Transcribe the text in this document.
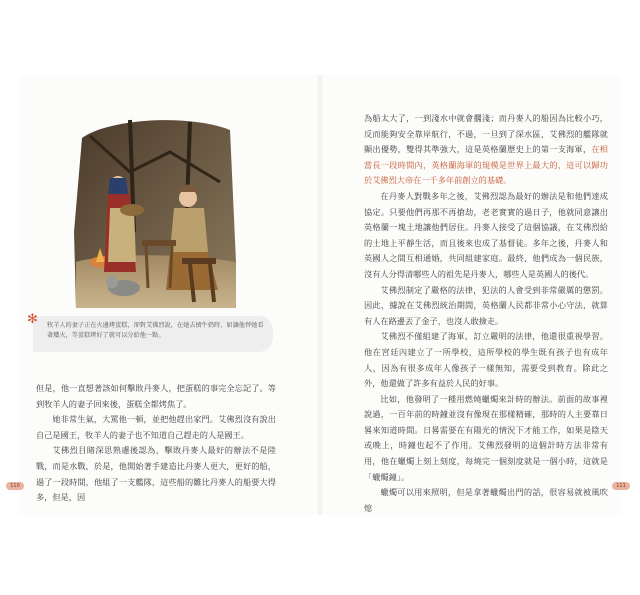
✻	牧羊人的妻子正在火邊烤蛋糕，卻對艾佛烈說，在她去擠牛奶時，如讓他替她看著爐火，等蛋糕烤好了就可以分給他一點。

但是，他一直想著該如何擊敗丹麥人，把蛋糕的事完全忘記了。等到牧羊人的妻子回來後，蛋糕全都烤焦了。

她非常生氣，大罵他一頓，並把他趕出家門。艾佛烈沒有說出自己是國王，牧羊人的妻子也不知道自己趕走的人是國王。

艾佛烈目睹深思熟慮後認為，擊敗丹麥人最好的辦法不是陸戰，而是水戰，於是，他開始著手建造比丹麥人更大，更好的船，過了一段時間，他組了一支艦隊，這些船的雛比丹麥人的船要大得多，但是，因

為船太大了，一到淺水中就會擱淺；而丹麥人的船因為比較小巧，反而能夠安全靠岸航行，不過，一旦到了深水區，艾佛烈的艦隊就顯出優勢，雙得其準強大，這是英格蘭歷史上的第一支海軍，在相當長一段時間內，英格蘭海軍的規模是世界上最大的，這可以歸功於艾佛烈大帝在一千多年前創立的基礎。

在丹麥人對戰多年之後，艾佛烈認為最好的辦法是和他們達成協定。只要他們再那不再搶劫，老老實實的過日子，他就同意讓出英格蘭一塊土地讓他們居住。丹麥人接受了這個協議，在艾佛烈給的土地上平靜生活，而且後來也成了基督徒。多年之後，丹麥人和英國人之間互相通婚，共同組建家庭。最終，他們成為一個民族，沒有人分得清哪些人的祖先是丹麥人，哪些人是英國人的後代。

艾佛烈制定了嚴格的法律，犯法的人會受到非常嚴厲的懲罰。因此，據說在艾佛烈統治期間，英格蘭人民都非常小心守法，就算有人在路邊丟了金子，也沒人敢撿走。

艾佛烈不僅組建了海軍，訂立嚴明的法律，他還很重視學習。他在宮廷內建立了一所學校，這所學校的學生既有孩子也有成年人，因為有很多成年人像孩子一樣無知，需要受到教育。除此之外，他還做了許多有益於人民的好事。

比如，他發明了一種用燃燒蠟燭來計時的辦法。前面的故事裡說過，一百年前的時鐘並沒有像現在那樣精確，那時的人主要靠日晷來知道時間。日晷需要在有陽光的情況下才能工作，如果是陰天或晚上，時鐘也起不了作用。艾佛烈發明的這個計時方法非常有用，他在蠟燭上刻上刻度，每燒完一個刻度就是一個小時，這就是「蠟燭鐘」。

蠟燭可以用來照明，但是拿著蠟燭出門的話，很容易就被風吹熄

110	111
